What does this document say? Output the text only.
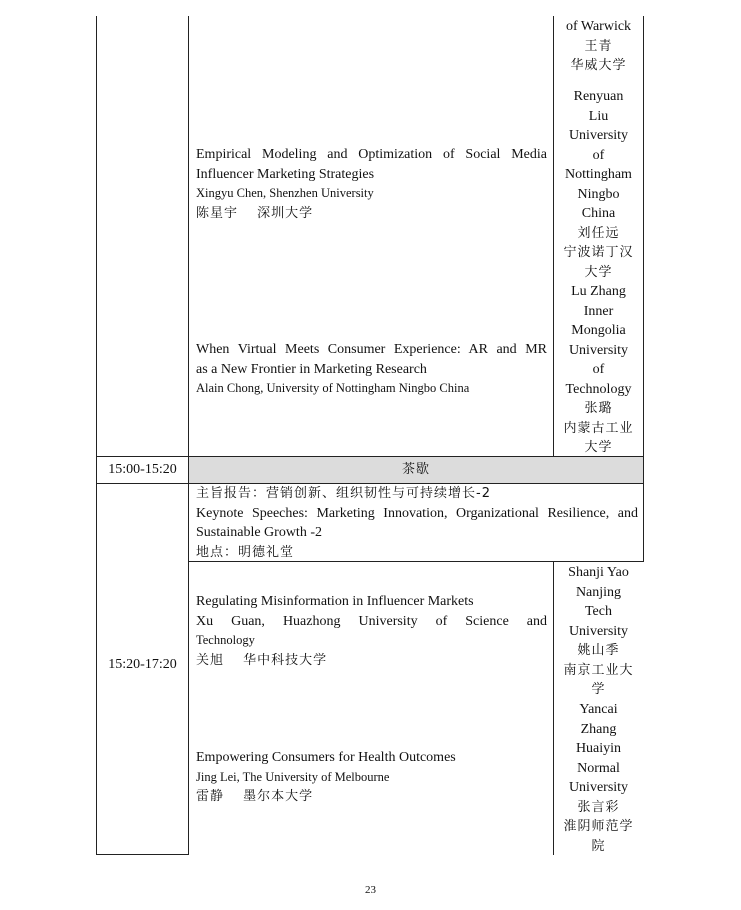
of Warwick
王青
华威大学
Empirical Modeling and Optimization of Social Media
Influencer Marketing Strategies
Xingyu Chen, Shenzhen University
陈星宇　 深圳大学
Renyuan
Liu
University
of
Nottingham
Ningbo
China
刘任远
宁波诺丁汉
大学
When Virtual Meets Consumer Experience: AR and MR
as a New Frontier in Marketing Research
Alain Chong, University of Nottingham Ningbo China
Lu Zhang
Inner
Mongolia
University
of
Technology
张璐
内蒙古工业
大学
15:00-15:20	茶歇
15:20-17:20
主旨报告：营销创新、组织韧性与可持续增长-2
Keynote Speeches: Marketing Innovation, Organizational Resilience, and
Sustainable Growth -2
地点：明德礼堂
Regulating Misinformation in Influencer Markets
Xu Guan, Huazhong University of Science and
Technology
关旭　 华中科技大学
Shanji Yao
Nanjing
Tech
University
姚山季
南京工业大
学
Empowering Consumers for Health Outcomes
Jing Lei, The University of Melbourne
雷静　 墨尔本大学
Yancai
Zhang
Huaiyin
Normal
University
张言彩
淮阴师范学
院
23
